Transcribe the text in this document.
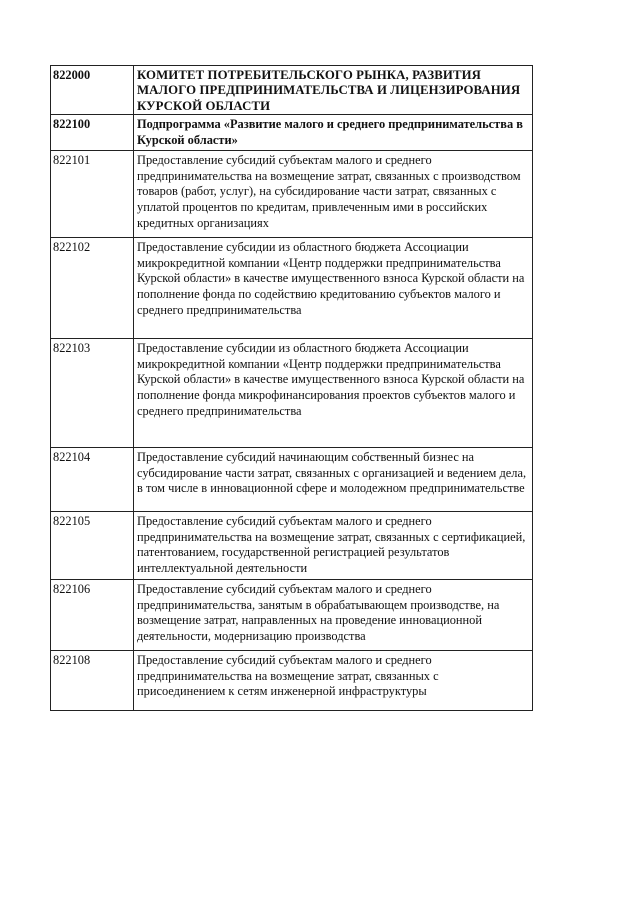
822000	КОМИТЕТ ПОТРЕБИТЕЛЬСКОГО РЫНКА, РАЗВИТИЯ МАЛОГО ПРЕДПРИНИМАТЕЛЬСТВА И ЛИЦЕНЗИРОВАНИЯ КУРСКОЙ ОБЛАСТИ
822100	Подпрограмма «Развитие малого и среднего предпринимательства в Курской области»
822101	Предоставление субсидий субъектам малого и среднего предпринимательства на возмещение затрат, связанных с производством товаров (работ, услуг), на субсидирование части затрат, связанных с уплатой процентов по кредитам, привлеченным ими в российских кредитных организациях
822102	Предоставление субсидии из областного бюджета Ассоциации микрокредитной компании «Центр поддержки предпринимательства Курской области» в качестве имущественного взноса Курской области на пополнение фонда по содействию кредитованию субъектов малого и среднего предпринимательства
822103	Предоставление субсидии из областного бюджета Ассоциации микрокредитной компании «Центр поддержки предпринимательства Курской области» в качестве имущественного взноса Курской области на пополнение фонда микрофинансирования проектов субъектов малого и среднего предпринимательства
822104	Предоставление субсидий начинающим собственный бизнес на субсидирование части затрат, связанных с организацией и ведением дела, в том числе в инновационной сфере и молодежном предпринимательстве
822105	Предоставление субсидий субъектам малого и среднего предпринимательства на возмещение затрат, связанных с сертификацией, патентованием, государственной регистрацией результатов интеллектуальной деятельности
822106	Предоставление субсидий субъектам малого и среднего предпринимательства, занятым в обрабатывающем производстве, на возмещение затрат, направленных на проведение инновационной деятельности, модернизацию производства
822108	Предоставление субсидий субъектам малого и среднего предпринимательства на возмещение затрат, связанных с присоединением к сетям инженерной инфраструктуры
